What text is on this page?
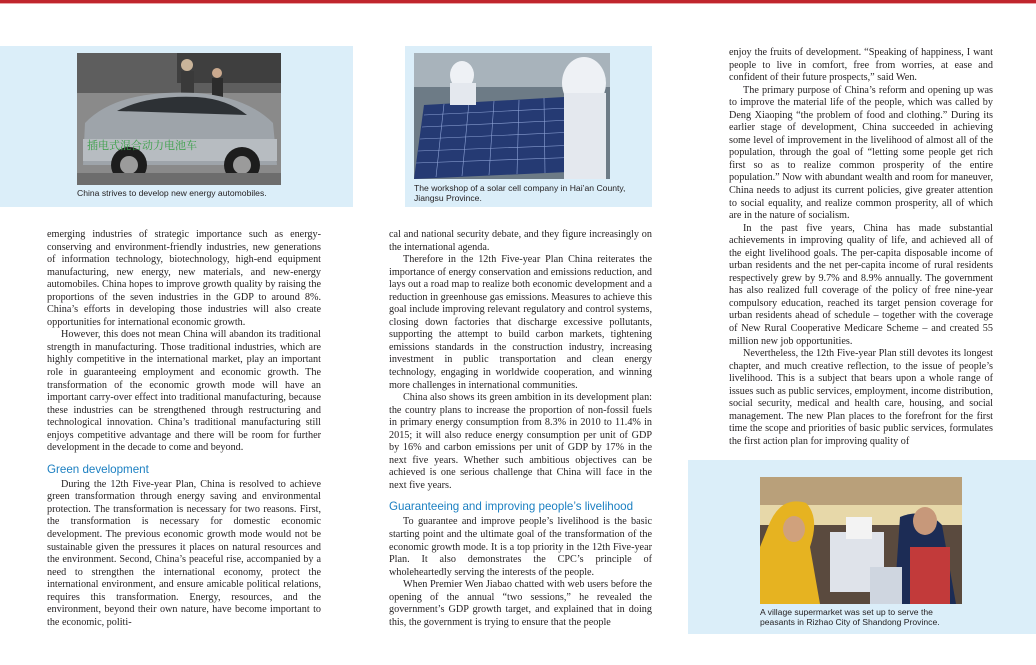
插电式混合动力电池车
China strives to develop new energy automobiles.	The workshop of a solar cell company in Hai’an County, Jiangsu Province.
A village supermarket was set up to serve the peasants in Rizhao City of Shandong Province.

emerging industries of strategic importance such as energy-conserving and environment-friendly industries, new generations of information technology, biotechnology, high-end equipment manufacturing, new energy, new materials, and new-energy automobiles. China hopes to improve growth quality by raising the proportions of the seven industries in the GDP to around 8%. China’s efforts in developing those industries will also create opportunities for international economic growth.

However, this does not mean China will abandon its traditional strength in manufacturing. Those traditional industries, which are highly competitive in the international market, play an important role in guaranteeing employment and economic growth. The transformation of the economic growth mode will have an important carry-over effect into traditional manufacturing, because these industries can be strengthened through restructuring and technological innovation. China’s traditional manufacturing still enjoys competitive advantage and there will be room for further development in the decade to come and beyond.

Green development

During the 12th Five-year Plan, China is resolved to achieve green transformation through energy saving and environmental protection. The transformation is necessary for two reasons. First, the transformation is necessary for domestic economic development. The previous economic growth mode would not be sustainable given the pressures it places on natural resources and the environment. Second, China’s peaceful rise, accompanied by a need to strengthen the international economy, protect the international environment, and ensure amicable political relations, requires this transformation. Energy, resources, and the environment, beyond their own nature, have become important to the economic, politi-

cal and national security debate, and they figure increasingly on the international agenda.

Therefore in the 12th Five-year Plan China reiterates the importance of energy conservation and emissions reduction, and lays out a road map to realize both economic development and a reduction in greenhouse gas emissions. Measures to achieve this goal include improving relevant regulatory and control systems, closing down factories that discharge excessive pollutants, supporting the attempt to build carbon markets, tightening emissions standards in the construction industry, increasing investment in public transportation and clean energy technology, engaging in worldwide cooperation, and winning more challenges in international communities.

China also shows its green ambition in its development plan: the country plans to increase the proportion of non-fossil fuels in primary energy consumption from 8.3% in 2010 to 11.4% in 2015; it will also reduce energy consumption per unit of GDP by 16% and carbon emissions per unit of GDP by 17% in the next five years. Whether such ambitious objectives can be achieved is one serious challenge that China will face in the next five years.

Guaranteeing and improving people’s livelihood

To guarantee and improve people’s livelihood is the basic starting point and the ultimate goal of the transformation of the economic growth mode. It is a top priority in the 12th Five-year Plan. It also demonstrates the CPC’s principle of wholeheartedly serving the interests of the people.

When Premier Wen Jiabao chatted with web users before the opening of the annual “two sessions,” he revealed the government’s GDP growth target, and explained that in doing this, the government is trying to ensure that the people

enjoy the fruits of development. “Speaking of happiness, I want people to live in comfort, free from worries, at ease and confident of their future prospects,” said Wen.

The primary purpose of China’s reform and opening up was to improve the material life of the people, which was called by Deng Xiaoping “the problem of food and clothing.” During its earlier stage of development, China succeeded in achieving some level of improvement in the livelihood of almost all of the population, through the goal of “letting some people get rich first so as to realize common prosperity of the entire population.” Now with abundant wealth and room for maneuver, China needs to adjust its current policies, give greater attention to social equality, and realize common prosperity, all of which are in the nature of socialism.

In the past five years, China has made substantial achievements in improving quality of life, and achieved all of the eight livelihood goals. The per-capita disposable income of urban residents and the net per-capita income of rural residents respectively grew by 9.7% and 8.9% annually. The government has also realized full coverage of the policy of free nine-year compulsory education, reached its target pension coverage for urban residents ahead of schedule – together with the coverage of New Rural Cooperative Medicare Scheme – and created 55 million new job opportunities.

Nevertheless, the 12th Five-year Plan still devotes its longest chapter, and much creative reflection, to the issue of people’s livelihood. This is a subject that bears upon a whole range of issues such as public services, employment, income distribution, social security, medical and health care, housing, and social management. The new Plan places to the forefront for the first time the scope and priorities of basic public services, formulates the first action plan for improving quality of
